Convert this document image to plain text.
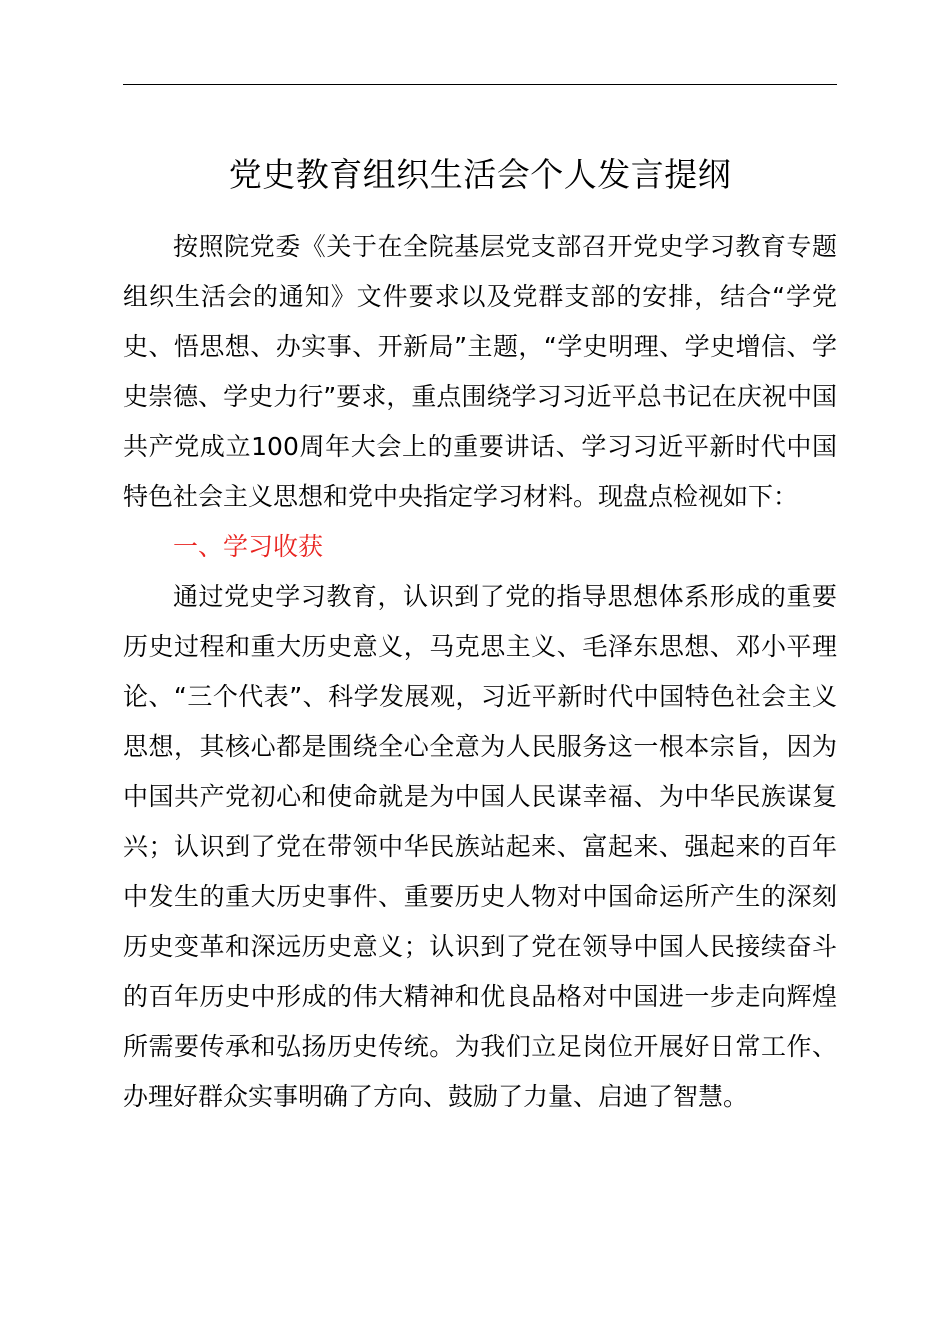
党史教育组织生活会个人发言提纲

按照院党委《关于在全院基层党支部召开党史学习教育专题组织生活会的通知》文件要求以及党群支部的安排，结合“学党史、悟思想、办实事、开新局”主题，“学史明理、学史增信、学史崇德、学史力行”要求，重点围绕学习习近平总书记在庆祝中国共产党成立100周年大会上的重要讲话、学习习近平新时代中国特色社会主义思想和党中央指定学习材料。现盘点检视如下：

一、学习收获

通过党史学习教育，认识到了党的指导思想体系形成的重要历史过程和重大历史意义，马克思主义、毛泽东思想、邓小平理论、“三个代表”、科学发展观，习近平新时代中国特色社会主义思想，其核心都是围绕全心全意为人民服务这一根本宗旨，因为中国共产党初心和使命就是为中国人民谋幸福、为中华民族谋复兴；认识到了党在带领中华民族站起来、富起来、强起来的百年中发生的重大历史事件、重要历史人物对中国命运所产生的深刻历史变革和深远历史意义；认识到了党在领导中国人民接续奋斗的百年历史中形成的伟大精神和优良品格对中国进一步走向辉煌所需要传承和弘扬历史传统。为我们立足岗位开展好日常工作、办理好群众实事明确了方向、鼓励了力量、启迪了智慧。
